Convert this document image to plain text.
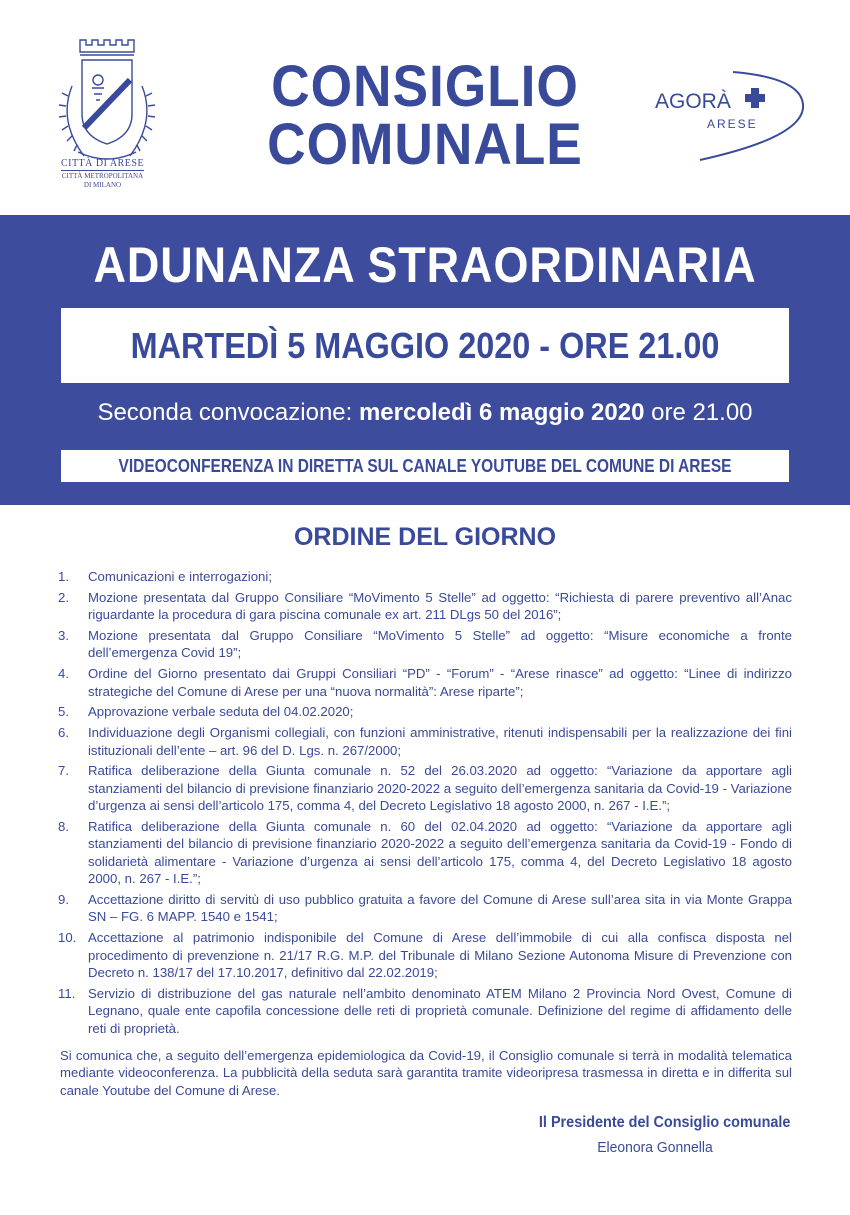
CITTÀ DI ARESE
CITTÀ METROPOLITANA
DI MILANO
CONSIGLIO
COMUNALE
AGORÀ
ARESE
ADUNANZA STRAORDINARIA
MARTEDÌ 5 MAGGIO 2020 - ORE 21.00
Seconda convocazione: mercoledì 6 maggio 2020 ore 21.00
VIDEOCONFERENZA IN DIRETTA SUL CANALE YOUTUBE DEL COMUNE DI ARESE
ORDINE DEL GIORNO
1. Comunicazioni e interrogazioni;
2. Mozione presentata dal Gruppo Consiliare “MoVimento 5 Stelle” ad oggetto: “Richiesta di parere preventivo all’Anac riguardante la procedura di gara piscina comunale ex art. 211 DLgs 50 del 2016”;
3. Mozione presentata dal Gruppo Consiliare “MoVimento 5 Stelle” ad oggetto: “Misure economiche a fronte dell’emergenza Covid 19”;
4. Ordine del Giorno presentato dai Gruppi Consiliari “PD” - “Forum” - “Arese rinasce” ad oggetto: “Linee di indirizzo strategiche del Comune di Arese per una “nuova normalità”: Arese riparte”;
5. Approvazione verbale seduta del 04.02.2020;
6. Individuazione degli Organismi collegiali, con funzioni amministrative, ritenuti indispensabili per la realizzazione dei fini istituzionali dell’ente – art. 96 del D. Lgs. n. 267/2000;
7. Ratifica deliberazione della Giunta comunale n. 52 del 26.03.2020 ad oggetto: “Variazione da apportare agli stanziamenti del bilancio di previsione finanziario 2020-2022 a seguito dell’emergenza sanitaria da Covid-19 - Variazione d’urgenza ai sensi dell’articolo 175, comma 4, del Decreto Legislativo 18 agosto 2000, n. 267 - I.E.”;
8. Ratifica deliberazione della Giunta comunale n. 60 del 02.04.2020 ad oggetto: “Variazione da apportare agli stanziamenti del bilancio di previsione finanziario 2020-2022 a seguito dell’emergenza sanitaria da Covid-19 - Fondo di solidarietà alimentare - Variazione d’urgenza ai sensi dell’articolo 175, comma 4, del Decreto Legislativo 18 agosto 2000, n. 267 - I.E.”;
9. Accettazione diritto di servitù di uso pubblico gratuita a favore del Comune di Arese sull’area sita in via Monte Grappa SN – FG. 6 MAPP. 1540 e 1541;
10. Accettazione al patrimonio indisponibile del Comune di Arese dell’immobile di cui alla confisca disposta nel procedimento di prevenzione n. 21/17 R.G. M.P. del Tribunale di Milano Sezione Autonoma Misure di Prevenzione con Decreto n. 138/17 del 17.10.2017, definitivo dal 22.02.2019;
11. Servizio di distribuzione del gas naturale nell’ambito denominato ATEM Milano 2 Provincia Nord Ovest, Comune di Legnano, quale ente capofila concessione delle reti di proprietà comunale. Definizione del regime di affidamento delle reti di proprietà.
Si comunica che, a seguito dell’emergenza epidemiologica da Covid-19, il Consiglio comunale si terrà in modalità telematica mediante videoconferenza. La pubblicità della seduta sarà garantita tramite videoripresa trasmessa in diretta e in differita sul canale Youtube del Comune di Arese.
Il Presidente del Consiglio comunale
Eleonora Gonnella
